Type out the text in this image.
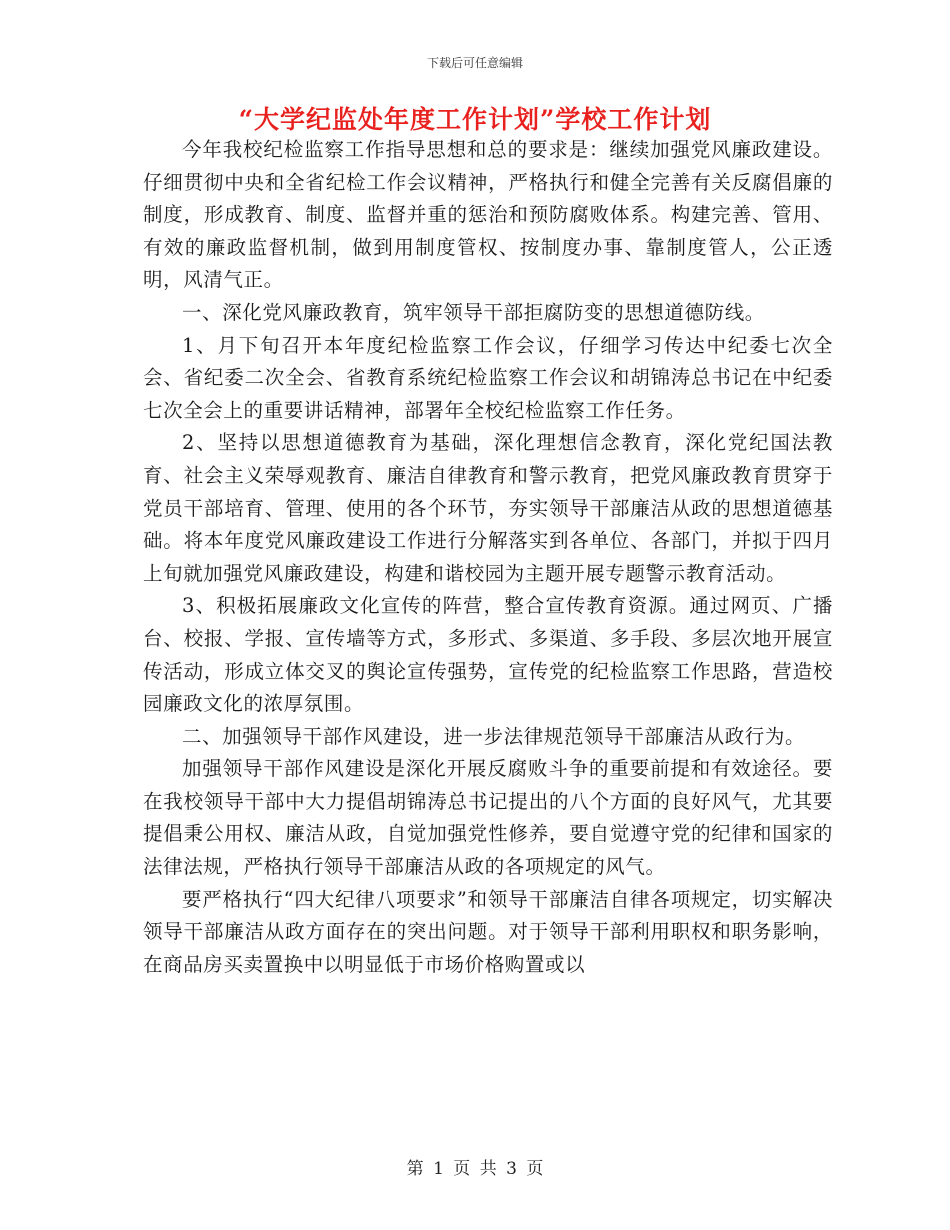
下载后可任意编辑
“大学纪监处年度工作计划”学校工作计划

今年我校纪检监察工作指导思想和总的要求是：继续加强党风廉政建设。仔细贯彻中央和全省纪检工作会议精神，严格执行和健全完善有关反腐倡廉的制度，形成教育、制度、监督并重的惩治和预防腐败体系。构建完善、管用、有效的廉政监督机制，做到用制度管权、按制度办事、靠制度管人，公正透明，风清气正。

一、深化党风廉政教育，筑牢领导干部拒腐防变的思想道德防线。

1、月下旬召开本年度纪检监察工作会议，仔细学习传达中纪委七次全会、省纪委二次全会、省教育系统纪检监察工作会议和胡锦涛总书记在中纪委七次全会上的重要讲话精神，部署年全校纪检监察工作任务。

2、坚持以思想道德教育为基础，深化理想信念教育，深化党纪国法教育、社会主义荣辱观教育、廉洁自律教育和警示教育，把党风廉政教育贯穿于党员干部培育、管理、使用的各个环节，夯实领导干部廉洁从政的思想道德基础。将本年度党风廉政建设工作进行分解落实到各单位、各部门，并拟于四月上旬就加强党风廉政建设，构建和谐校园为主题开展专题警示教育活动。

3、积极拓展廉政文化宣传的阵营，整合宣传教育资源。通过网页、广播台、校报、学报、宣传墙等方式，多形式、多渠道、多手段、多层次地开展宣传活动，形成立体交叉的舆论宣传强势，宣传党的纪检监察工作思路，营造校园廉政文化的浓厚氛围。

二、加强领导干部作风建设，进一步法律规范领导干部廉洁从政行为。

加强领导干部作风建设是深化开展反腐败斗争的重要前提和有效途径。要在我校领导干部中大力提倡胡锦涛总书记提出的八个方面的良好风气，尤其要提倡秉公用权、廉洁从政，自觉加强党性修养，要自觉遵守党的纪律和国家的法律法规，严格执行领导干部廉洁从政的各项规定的风气。

要严格执行“四大纪律八项要求”和领导干部廉洁自律各项规定，切实解决领导干部廉洁从政方面存在的突出问题。对于领导干部利用职权和职务影响，在商品房买卖置换中以明显低于市场价格购置或以

第 1 页 共 3 页
